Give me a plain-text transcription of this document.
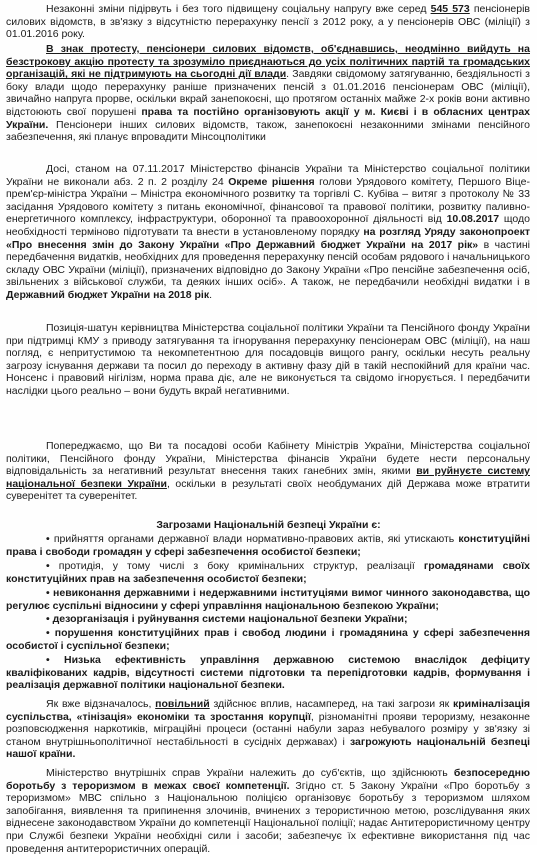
Незаконні зміни підірвуть і без того підвищену соціальну напругу вже серед 545 573 пенсіонерів силових відомств, в зв'язку з відсутністю перерахунку пенсії з 2012 року, а у пенсіонерів ОВС (міліції) з 01.01.2016 року.

В знак протесту, пенсіонери силових відомств, об'єднавшись, неодмінно вийдуть на безстрокову акцію протесту та зрозуміло приєднаються до усіх політичних партій та громадських організацій, які не підтримують на сьогодні дії влади. Завдяки свідомому затягуванню, бездіяльності з боку влади щодо перерахунку раніше призначених пенсій з 01.01.2016 пенсіонерам ОВС (міліції), звичайно напруга прорве, оскільки вкрай занепокоєні, що протягом останніх майже 2-х років вони активно відстоюють свої порушені права та постійно організовують акції у м. Києві і в обласних центрах України. Пенсіонери інших силових відомств, також, занепокоєні незаконними змінами пенсійного забезпечення, які планує впровадити Мінсоцполітики

Досі, станом на 07.11.2017 Міністерство фінансів України та Міністерство соціальної політики України не виконали абз. 2 п. 2 розділу 24 Окреме рішення голови Урядового комітету, Першого Віце-прем'єр-міністра України – Міністра економічного розвитку та торгівлі С. Кубіва – витяг з протоколу № 33 засідання Урядового комітету з питань економічної, фінансової та правової політики, розвитку паливно-енергетичного комплексу, інфраструктури, оборонної та правоохоронної діяльності від 10.08.2017 щодо необхідності терміново підготувати та внести в установленому порядку на розгляд Уряду законопроект «Про внесення змін до Закону України «Про Державний бюджет України на 2017 рік» в частині передбачення видатків, необхідних для проведення перерахунку пенсій особам рядового і начальницького складу ОВС України (міліції), призначених відповідно до Закону України «Про пенсійне забезпечення осіб, звільнених з військової служби, та деяких інших осіб». А також, не передбачили необхідні видатки і в Державний бюджет України на 2018 рік.

Позиція-шатун керівництва Міністерства соціальної політики України та Пенсійного фонду України при підтримці КМУ з приводу затягування та ігнорування перерахунку пенсіонерам ОВС (міліції), на наш погляд, є непритустимою та некомпетентною для посадовців вищого рангу, оскільки несуть реальну загрозу існування держави та посил до переходу в активну фазу дій в такій неспокійний для країни час. Нонсенс і правовий нігілізм, норма права діє, але не виконується та свідомо ігнорується. І передбачити наслідки цього реально – вони будуть вкрай негативними.

Попереджаємо, що Ви та посадові особи Кабінету Міністрів України, Міністерства соціальної політики, Пенсійного фонду України, Міністерства фінансів України будете нести персональну відповідальність за негативний результат внесення таких ганебних змін, якими ви руйнуєте систему національної безпеки України, оскільки в результаті своїх необдуманих дій Держава може втратити суверенітет та суверенітет.

Загрозами Національній безпеці України є:

• прийняття органами державної влади нормативно-правових актів, які утискають конституційні права і свободи громадян у сфері забезпечення особистої безпеки;

• протидія, у тому числі з боку кримінальних структур, реалізації громадянами своїх конституційних прав на забезпечення особистої безпеки;

• невиконання державними і недержавними інституціями вимог чинного законодавства, що регулює суспільні відносини у сфері управління національною безпекою України;

• дезорганізація і руйнування системи національної безпеки України;

• порушення конституційних прав і свобод людини і громадянина у сфері забезпечення особистої і суспільної безпеки;

• Низька ефективність управління державною системою внаслідок дефіциту кваліфікованих кадрів, відсутності системи підготовки та перепідготовки кадрів, формування і реалізація державної політики національної безпеки.

Як вже відзначалось, повільний здійснює вплив, насамперед, на такі загрози як криміналізація суспільства, «тінізація» економіки та зростання корупції, різноманітні прояви тероризму, незаконне розповсюдження наркотиків, міграційні процеси (останні набули зараз небувалого розміру у зв'язку зі станом внутрішньополітичної нестабільності в сусідніх державах) і загрожують національній безпеці нашої країни.

Міністерство внутрішніх справ України належить до суб'єктів, що здійснюють безпосередню боротьбу з тероризмом в межах своєї компетенції. Згідно ст. 5 Закону України «Про боротьбу з тероризмом» МВС спільно з Національною поліцією організовує боротьбу з тероризмом шляхом запобігання, виявлення та припинення злочинів, вчинених з терористичною метою, розслідування яких віднесене законодавством України до компетенції Національної поліції; надає Антитерористичному центру при Службі безпеки України необхідні сили і засоби; забезпечує їх ефективне використання під час проведення антитерористичних операцій.
